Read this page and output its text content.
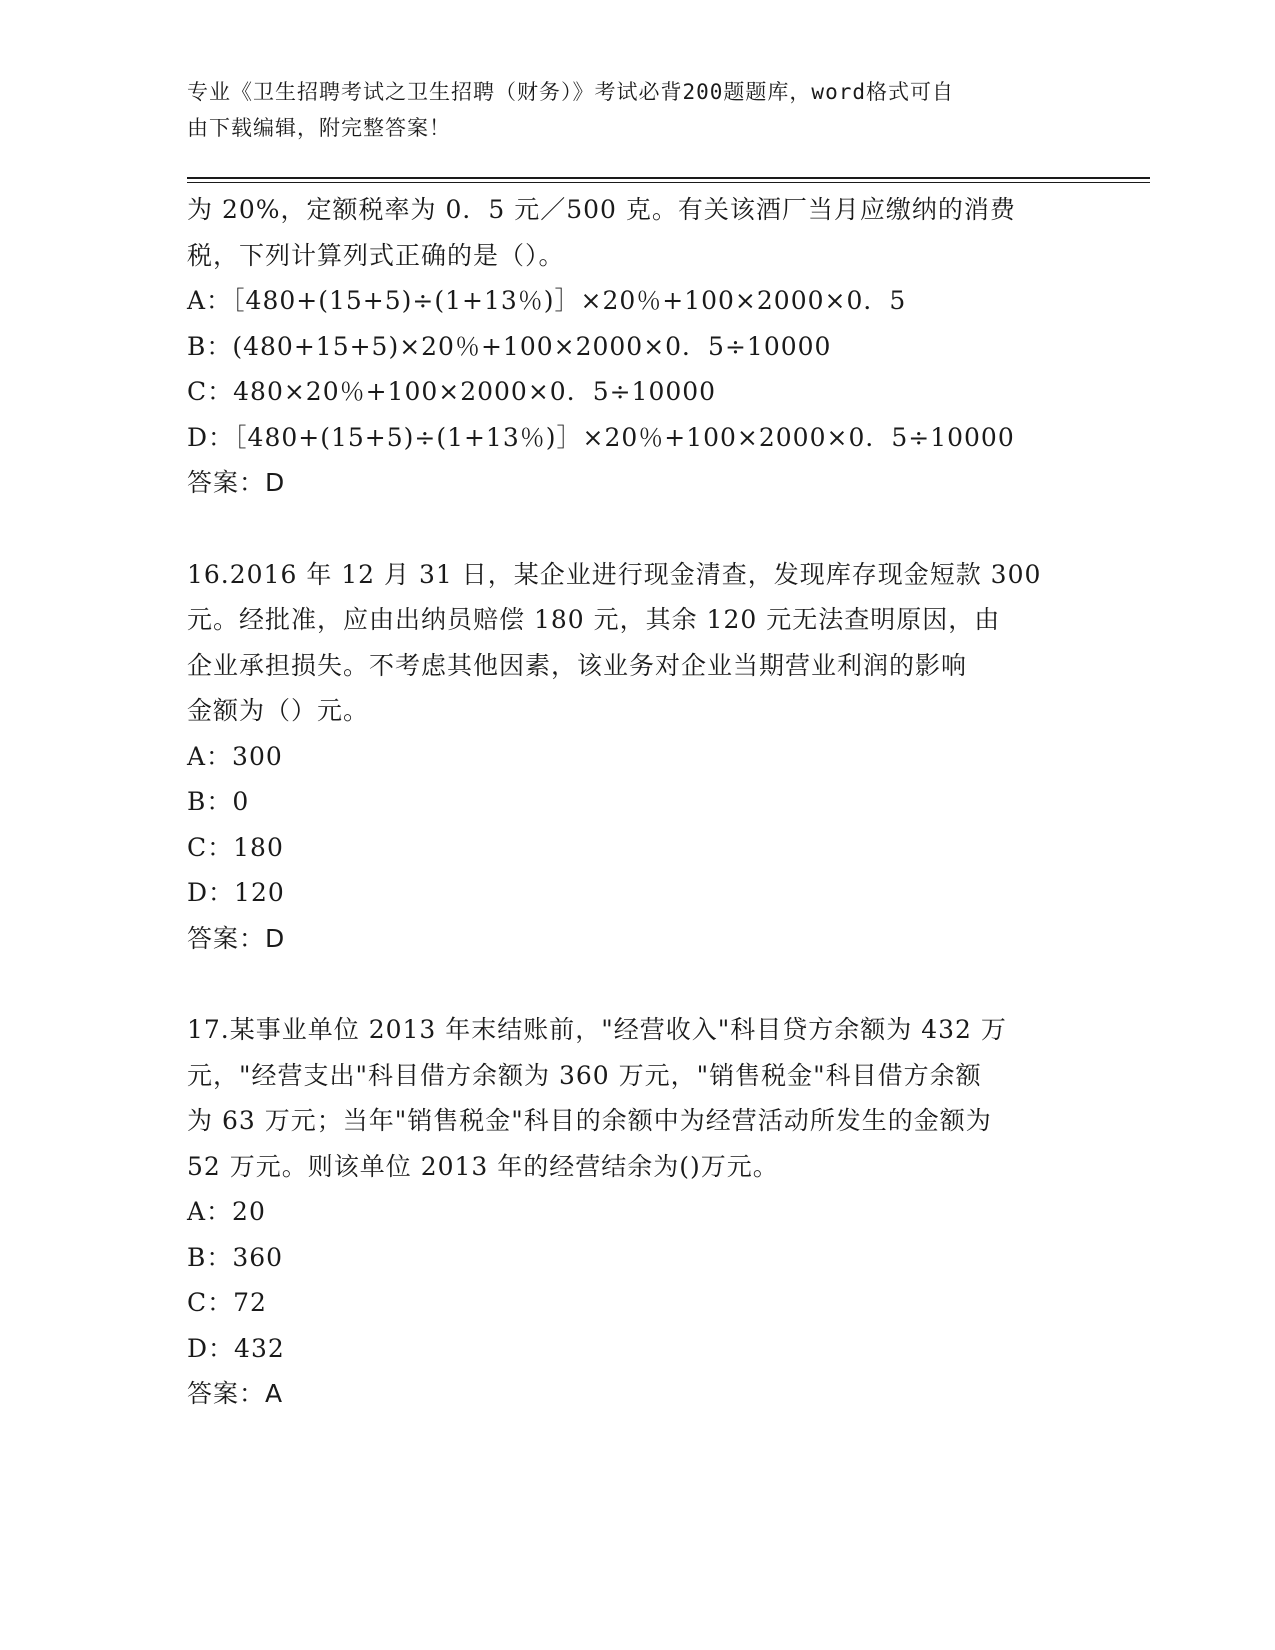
专业《卫生招聘考试之卫生招聘（财务）》考试必背200题题库，word格式可自
由下载编辑，附完整答案！
为 20%，定额税率为 0．5 元／500 克。有关该酒厂当月应缴纳的消费
税，下列计算列式正确的是（）。
A：［480+(15+5)÷(1+13％)］×20％+100×2000×0．5
B：(480+15+5)×20％+100×2000×0．5÷10000
C：480×20％+100×2000×0．5÷10000
D：［480+(15+5)÷(1+13％)］×20％+100×2000×0．5÷10000
答案：D
16.2016 年 12 月 31 日，某企业进行现金清查，发现库存现金短款 300
元。经批准，应由出纳员赔偿 180 元，其余 120 元无法查明原因，由
企业承担损失。不考虑其他因素，该业务对企业当期营业利润的影响
金额为（）元。
A：300
B：0
C：180
D：120
答案：D
17.某事业单位 2013 年末结账前，"经营收入"科目贷方余额为 432 万
元，"经营支出"科目借方余额为 360 万元，"销售税金"科目借方余额
为 63 万元；当年"销售税金"科目的余额中为经营活动所发生的金额为
52 万元。则该单位 2013 年的经营结余为()万元。
A：20
B：360
C：72
D：432
答案：A
